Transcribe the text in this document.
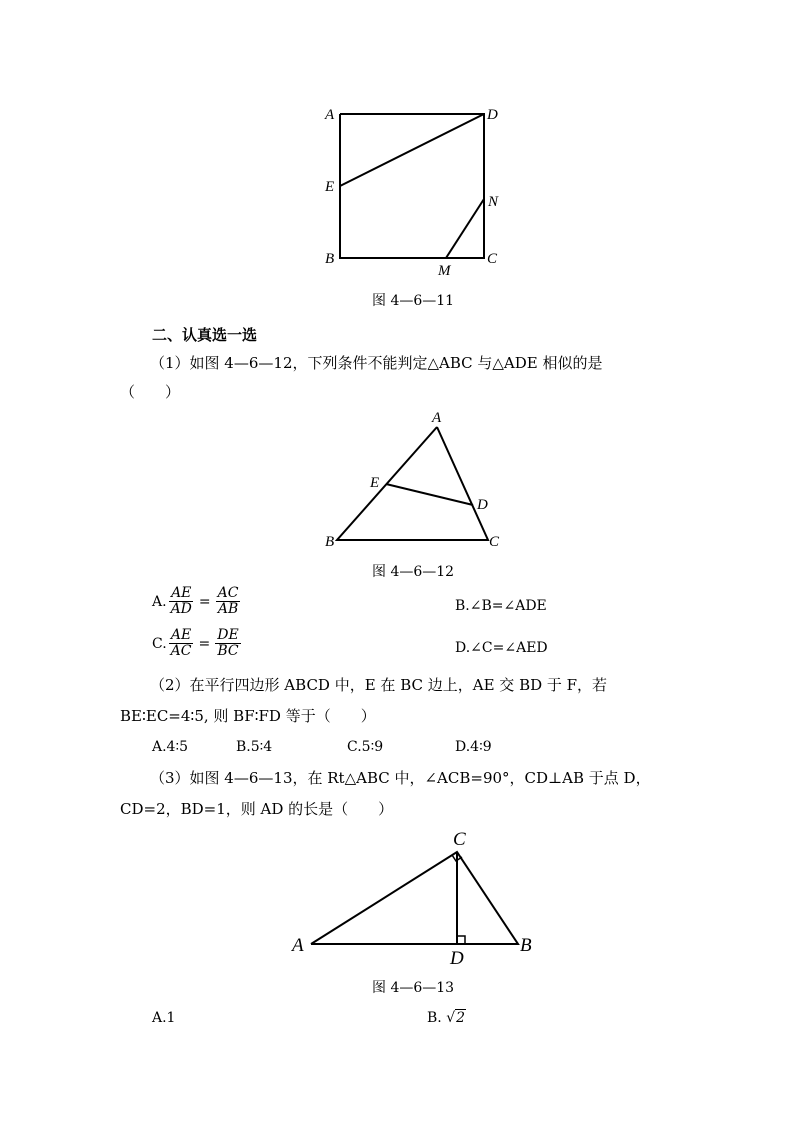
A	D
E
N
B
M
C
图 4—6—11
二、认真选一选
（1）如图 4—6—12，下列条件不能判定△ABC 与△ADE 相似的是
（　　）
A
E
D
B	C
图 4—6—12
A. $\frac{AE}{AD} = \frac{AC}{AB}$	B.∠B=∠ADE
C. $\frac{AE}{AC} = \frac{DE}{BC}$	D.∠C=∠AED
（2）在平行四边形 ABCD 中，E 在 BC 边上，AE 交 BD 于 F，若
BE∶EC=4∶5, 则 BF∶FD 等于（　　）
A.4∶5	B.5∶4	C.5∶9	D.4∶9
（3）如图 4—6—13，在 Rt△ABC 中，∠ACB=90°，CD⊥AB 于点 D，
CD=2，BD=1，则 AD 的长是（　　）
C
A
D
B
图 4—6—13
A.1	B. √2
